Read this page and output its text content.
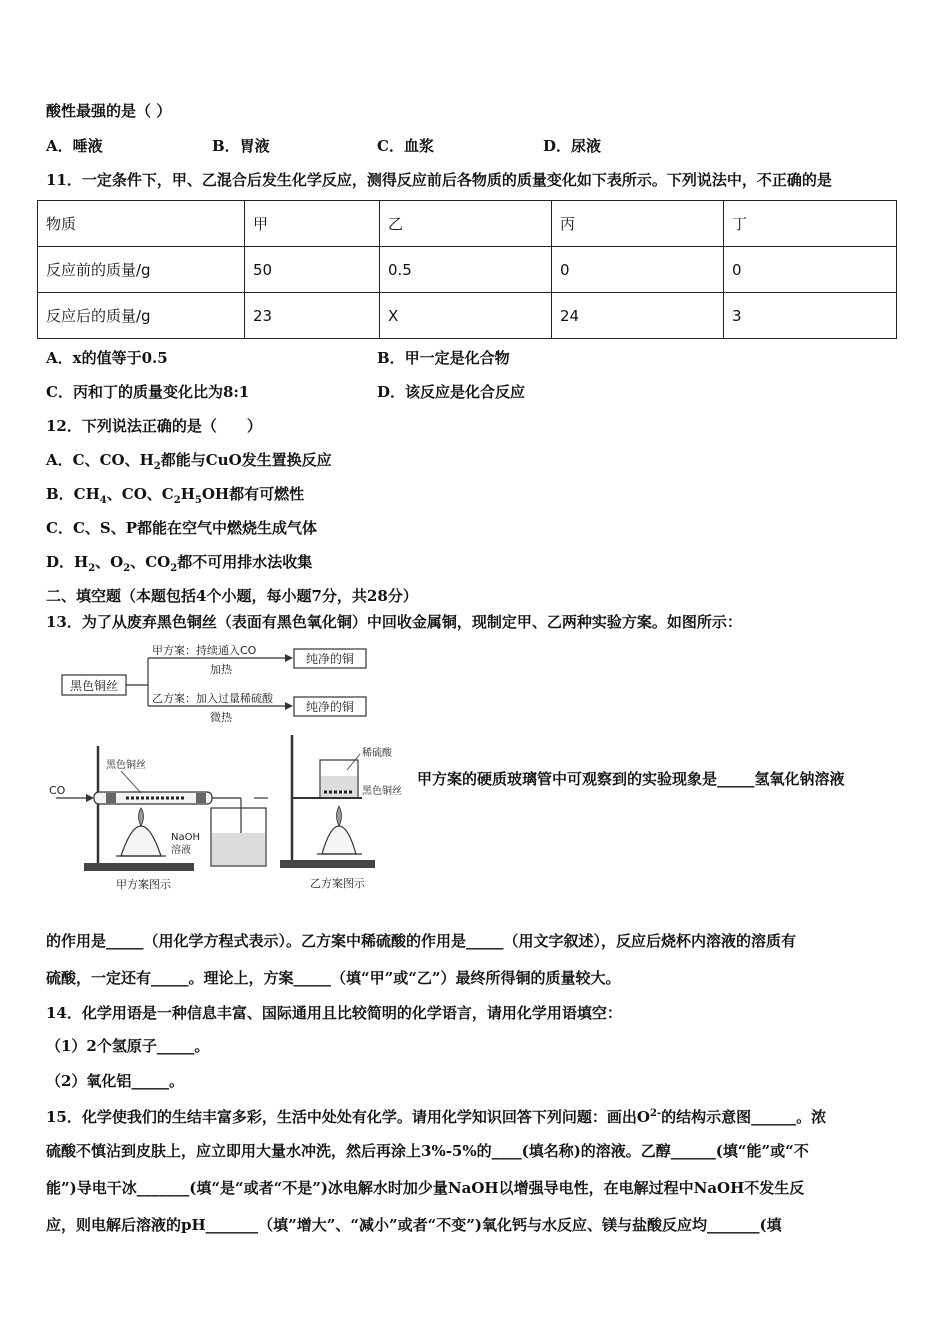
酸性最强的是（ ）
A．唾液	B．胃液	C．血浆	D．尿液
11．一定条件下，甲、乙混合后发生化学反应，测得反应前后各物质的质量变化如下表所示。下列说法中，不正确的是
物质	甲	乙	丙	丁
反应前的质量/g	50	0.5	0	0
反应后的质量/g	23	X	24	3
A．x的值等于0.5	B．甲一定是化合物
C．丙和丁的质量变化比为8:1	D．该反应是化合反应
12．下列说法正确的是（　　）
A．C、CO、$H_2$都能与CuO发生置换反应
B．$CH_4$、CO、$C_2H_5OH$都有可燃性
C．C、S、P都能在空气中燃烧生成气体
D．$H_2$、$O_2$、$CO_2$都不可用排水法收集
二、填空题（本题包括4个小题，每小题7分，共28分）
13．为了从废弃黑色铜丝（表面有黑色氧化铜）中回收金属铜，现制定甲、乙两种实验方案。如图所示：
黑色铜丝
甲方案：持续通入CO
加热
乙方案：加入过量稀硫酸
微热
纯净的铜
纯净的铜
CO
黑色铜丝
NaOH
溶液
甲方案图示
稀硫酸
黑色铜丝
乙方案图示
甲方案的硬质玻璃管中可观察到的实验现象是_____氢氧化钠溶液
的作用是_____（用化学方程式表示）。乙方案中稀硫酸的作用是_____（用文字叙述），反应后烧杯内溶液的溶质有
硫酸，一定还有_____。理论上，方案_____（填“甲”或“乙”）最终所得铜的质量较大。
14．化学用语是一种信息丰富、国际通用且比较简明的化学语言，请用化学用语填空：
（1）2个氢原子_____。
（2）氧化铝_____。
15．化学使我们的生结丰富多彩，生活中处处有化学。请用化学知识回答下列问题：画出$O^{2-}$的结构示意图______。浓
硫酸不慎沾到皮肤上，应立即用大量水冲洗，然后再涂上3%-5%的____(填名称)的溶液。乙醇______(填“能”或“不
能”)导电干冰_______(填“是“或者“不是”)冰电解水时加少量NaOH以增强导电性，在电解过程中NaOH不发生反
应，则电解后溶液的pH_______（填”增大”、“减小”或者“不变”)氧化钙与水反应、镁与盐酸反应均_______(填
